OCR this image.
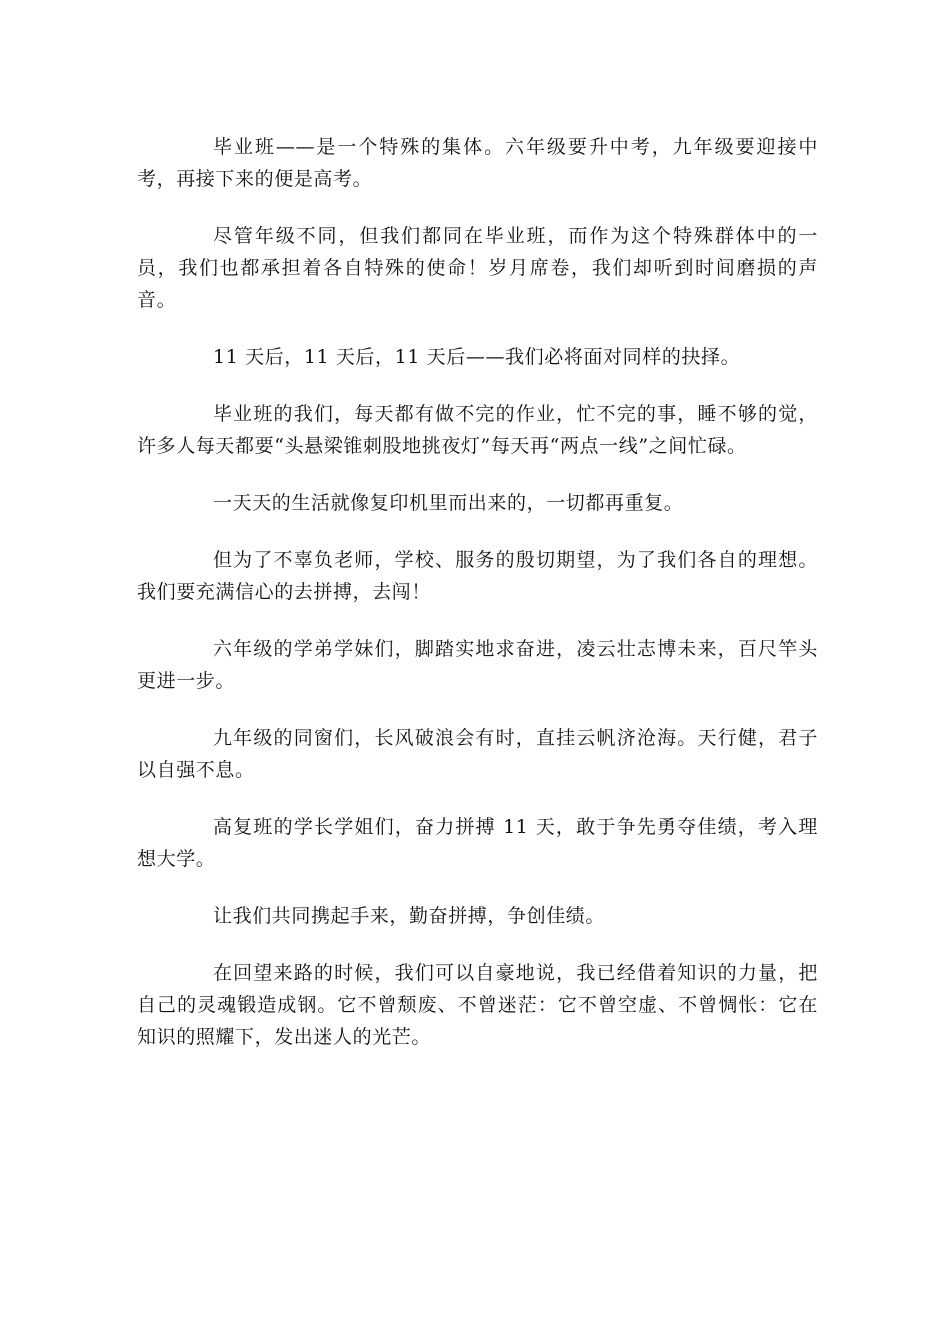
毕业班——是一个特殊的集体。六年级要升中考，九年级要迎接中考，再接下来的便是高考。

尽管年级不同，但我们都同在毕业班，而作为这个特殊群体中的一员，我们也都承担着各自特殊的使命！岁月席卷，我们却听到时间磨损的声音。

11 天后，11 天后，11 天后——我们必将面对同样的抉择。

毕业班的我们，每天都有做不完的作业，忙不完的事，睡不够的觉，许多人每天都要“头悬梁锥刺股地挑夜灯”每天再“两点一线”之间忙碌。

一天天的生活就像复印机里而出来的，一切都再重复。

但为了不辜负老师，学校、服务的殷切期望，为了我们各自的理想。我们要充满信心的去拼搏，去闯！

六年级的学弟学妹们，脚踏实地求奋进，凌云壮志博未来，百尺竿头更进一步。

九年级的同窗们，长风破浪会有时，直挂云帆济沧海。天行健，君子以自强不息。

高复班的学长学姐们，奋力拼搏 11 天，敢于争先勇夺佳绩，考入理想大学。

让我们共同携起手来，勤奋拼搏，争创佳绩。

在回望来路的时候，我们可以自豪地说，我已经借着知识的力量，把自己的灵魂锻造成钢。它不曾颓废、不曾迷茫：它不曾空虚、不曾惆怅：它在知识的照耀下，发出迷人的光芒。
